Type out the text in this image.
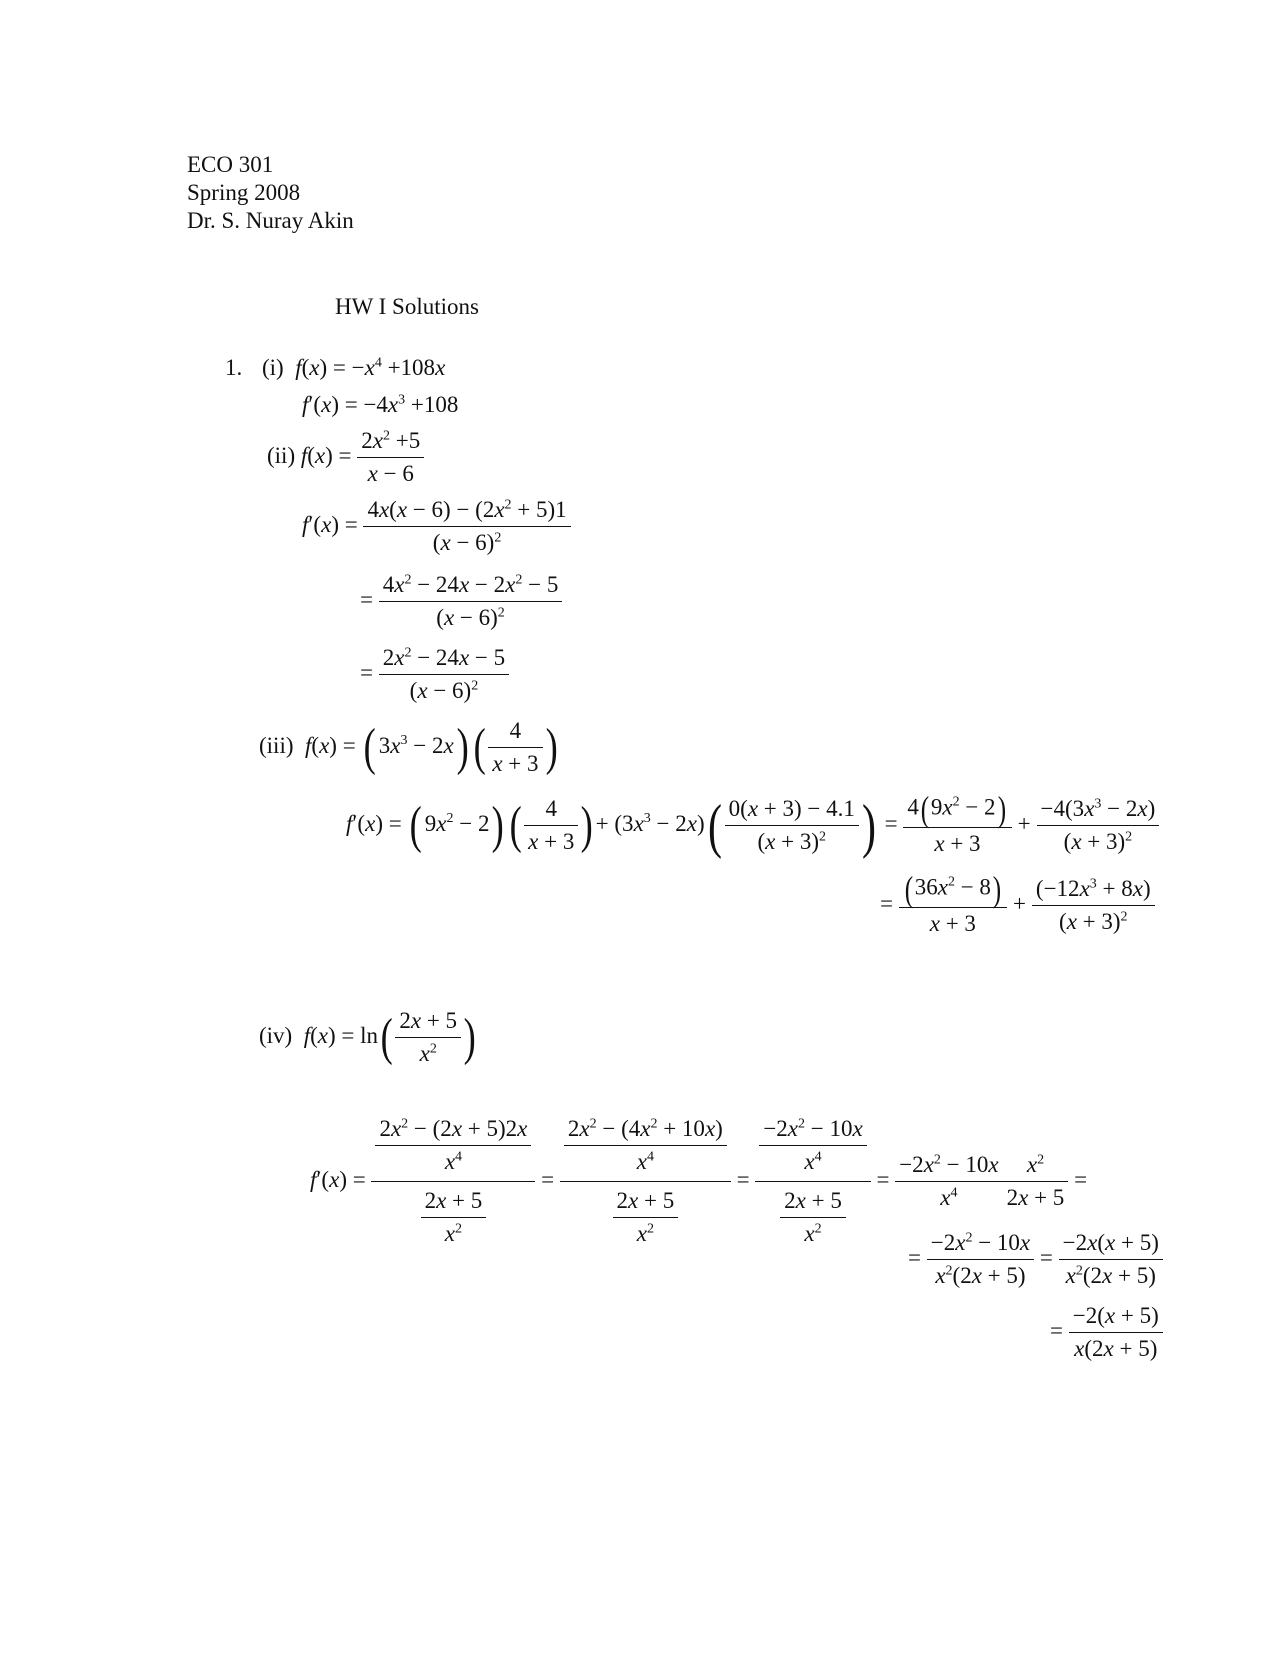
ECO 301
Spring 2008
Dr. S. Nuray Akin
HW I Solutions
1. (i) $f(x) = -x^4 +108x$
$f'(x) = -4x^3 +108$
(ii) $f(x) = \frac{2x^2 +5}{x - 6}$
$f'(x) = \frac{4x(x - 6) - (2x^2 + 5)1}{(x - 6)^2}$
= $\frac{4x^2 - 24x - 2x^2 - 5}{(x - 6)^2}$
= $\frac{2x^2 - 24x - 5}{(x - 6)^2}$
(iii) f(x) = ( $3x^3 - 2x)( \frac{4}{x + 3}$ )
f′(x) = ( $9x^2 - 2)( \frac{4}{x + 3}$ ) + $(3x^3 - 2x)( \frac{0(x + 3) - 4.1}{(x + 3)^2}$ ) = $\frac{4(9x^2 - 2)}{x + 3} + \frac{-4(3x^3 - 2x)}{(x + 3)^2}$
= $\frac{(36x^2 - 8)}{x + 3} + \frac{(-12x^3 + 8x)}{(x + 3)^2}$
(iv) $f(x) = \ln( \frac{2x + 5}{x^2}$ )
$f'(x) = \frac{\frac{2x^2 - (2x + 5)2x}{x^4}}{\frac{2x + 5}{x^2}} = \frac{\frac{2x^2 - (4x^2 + 10x)}{x^4}}{\frac{2x + 5}{x^2}} = \frac{\frac{-2x^2 - 10x}{x^4}}{\frac{2x + 5}{x^2}} = \frac{-2x^2 - 10x}{x^4} \frac{x^2}{2x + 5}$ =
= $\frac{-2x^2 - 10x}{x^2(2x + 5)} = \frac{-2x(x + 5)}{x^2(2x + 5)}$
= $\frac{-2(x + 5)}{x(2x + 5)}$
